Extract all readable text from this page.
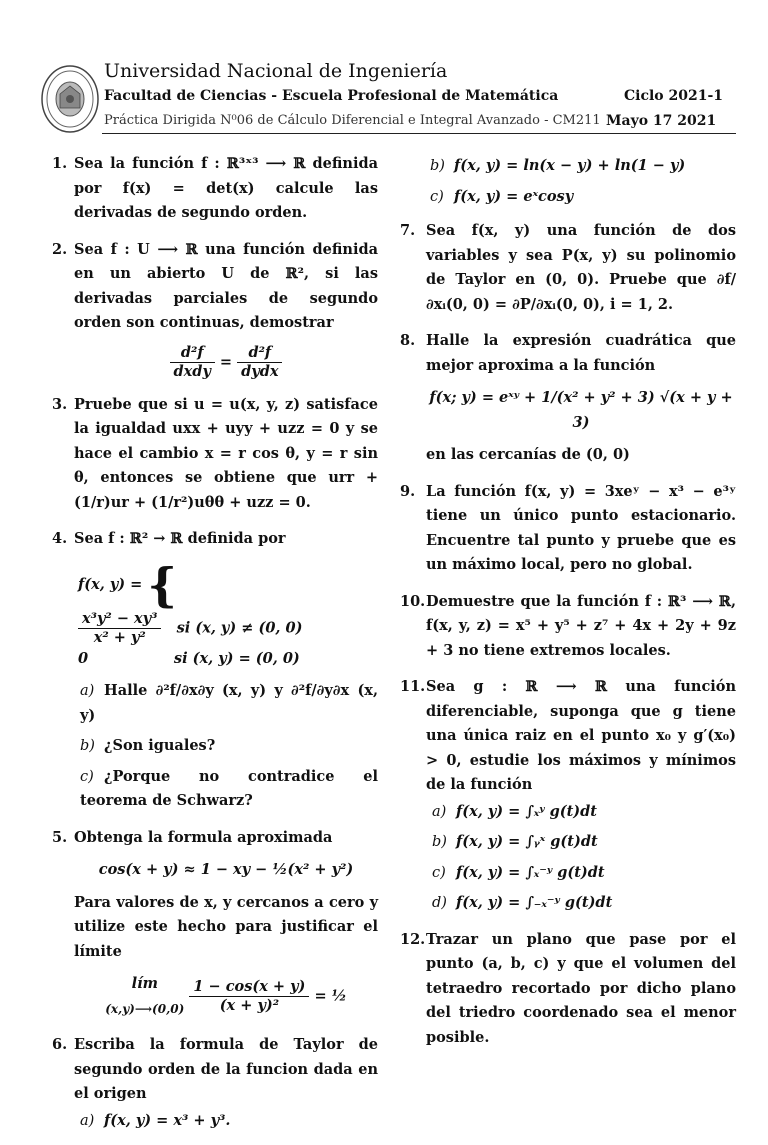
Universidad Nacional de Ingeniería
Facultad de Ciencias - Escuela Profesional de Matemática	Ciclo 2021-1
Práctica Dirigida N⁰06 de Cálculo Diferencial e Integral Avanzado - CM211 Mayo 17 2021
1. Sea la función f : ℝ³ˣ³ ⟶ ℝ definida por f(x) = det(x) calcule las derivadas de segundo orden.
2. Sea f : U ⟶ ℝ una función definida en un abierto U de ℝ², si las derivadas parciales de segundo orden son continuas, demostrar
$\frac{\text{d²f}}{\text{dxdy}} = \frac{\text{d²f}}{\text{dydx}}$
3. Pruebe que si u = u(x, y, z) satisface la igualdad uxx + uyy + uzz = 0 y se hace el cambio x = r cos θ, y = r sin θ, entonces se obtiene que urr + (1/r)ur + (1/r²)uθθ + uzz = 0.
4. Sea f : ℝ² → ℝ definida por
f(x, y) = {
$\frac{\text{x³y² − xy³}}{\text{x² + y²}}$ si (x, y) ≠ (0, 0)
0	si (x, y) = (0, 0)
a) Halle ∂²f/∂x∂y (x, y) y ∂²f/∂y∂x (x, y)
b) ¿Son iguales?
c) ¿Porque no contradice el teorema de Schwarz?
5. Obtenga la formula aproximada
cos(x + y) ≈ 1 − xy − ½(x² + y²)
Para valores de x, y cercanos a cero y utilize este hecho para justificar el límite
lím
(x,y)⟶(0,0)
$\frac{1 - \cos(x + y)}{\text{(x + y)²}}$ = ½
6. Escriba la formula de Taylor de segundo orden de la funcion dada en el origen
a) f(x, y) = x³ + y³.
b) f(x, y) = ln(x − y) + ln(1 − y)
c) f(x, y) = eˣcosy
7. Sea f(x, y) una función de dos variables y sea P(x, y) su polinomio de Taylor en (0, 0). Pruebe que ∂f/∂xᵢ(0, 0) = ∂P/∂xᵢ(0, 0), i = 1, 2.
8. Halle la expresión cuadrática que mejor aproxima a la función
f(x; y) = eˣʸ + 1/(x² + y² + 3) √(x + y + 3)
en las cercanías de (0, 0)
9. La función f(x, y) = 3xeʸ − x³ − e³ʸ tiene un único punto estacionario. Encuentre tal punto y pruebe que es un máximo local, pero no global.
10. Demuestre que la función f : ℝ³ ⟶ ℝ, f(x, y, z) = x⁵ + y⁵ + z⁷ + 4x + 2y + 9z + 3 no tiene extremos locales.
11. Sea g : ℝ ⟶ ℝ una función diferenciable, suponga que g tiene una única raiz en el punto x₀ y g′(x₀) > 0, estudie los máximos y mínimos de la función
a) f(x, y) = ∫ₓʸ g(t)dt
b) f(x, y) = ∫ᵧˣ g(t)dt
c) f(x, y) = ∫ₓ⁻ʸ g(t)dt
d) f(x, y) = ∫₋ₓ⁻ʸ g(t)dt
12. Trazar un plano que pase por el punto (a, b, c) y que el volumen del tetraedro recortado por dicho plano del triedro coordenado sea el menor posible.
